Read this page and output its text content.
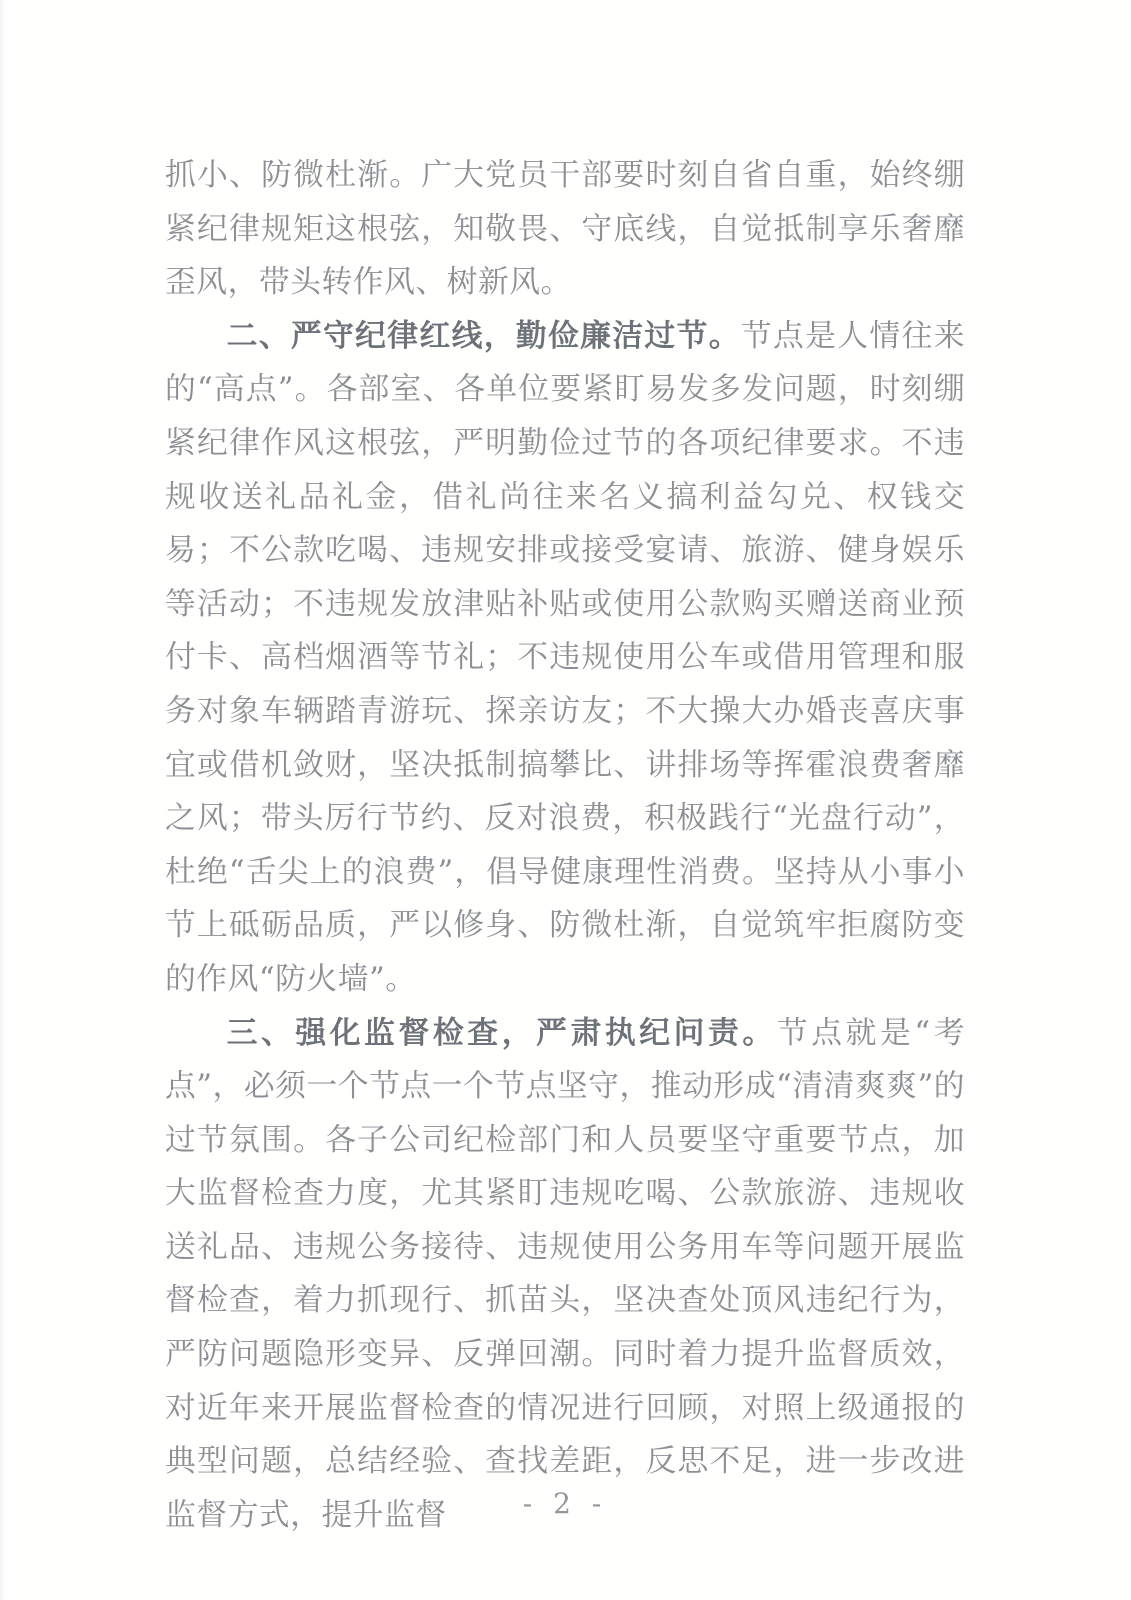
抓小、防微杜渐。广大党员干部要时刻自省自重，始终绷紧纪律规矩这根弦，知敬畏、守底线，自觉抵制享乐奢靡歪风，带头转作风、树新风。

二、严守纪律红线，勤俭廉洁过节。节点是人情往来的“高点”。各部室、各单位要紧盯易发多发问题，时刻绷紧纪律作风这根弦，严明勤俭过节的各项纪律要求。不违规收送礼品礼金，借礼尚往来名义搞利益勾兑、权钱交易；不公款吃喝、违规安排或接受宴请、旅游、健身娱乐等活动；不违规发放津贴补贴或使用公款购买赠送商业预付卡、高档烟酒等节礼；不违规使用公车或借用管理和服务对象车辆踏青游玩、探亲访友；不大操大办婚丧喜庆事宜或借机敛财，坚决抵制搞攀比、讲排场等挥霍浪费奢靡之风；带头厉行节约、反对浪费，积极践行“光盘行动”，杜绝“舌尖上的浪费”，倡导健康理性消费。坚持从小事小节上砥砺品质，严以修身、防微杜渐，自觉筑牢拒腐防变的作风“防火墙”。

三、强化监督检查，严肃执纪问责。节点就是“考点”，必须一个节点一个节点坚守，推动形成“清清爽爽”的过节氛围。各子公司纪检部门和人员要坚守重要节点，加大监督检查力度，尤其紧盯违规吃喝、公款旅游、违规收送礼品、违规公务接待、违规使用公务用车等问题开展监督检查，着力抓现行、抓苗头，坚决查处顶风违纪行为，严防问题隐形变异、反弹回潮。同时着力提升监督质效，对近年来开展监督检查的情况进行回顾，对照上级通报的典型问题，总结经验、查找差距，反思不足，进一步改进监督方式，提升监督	- 2 -
